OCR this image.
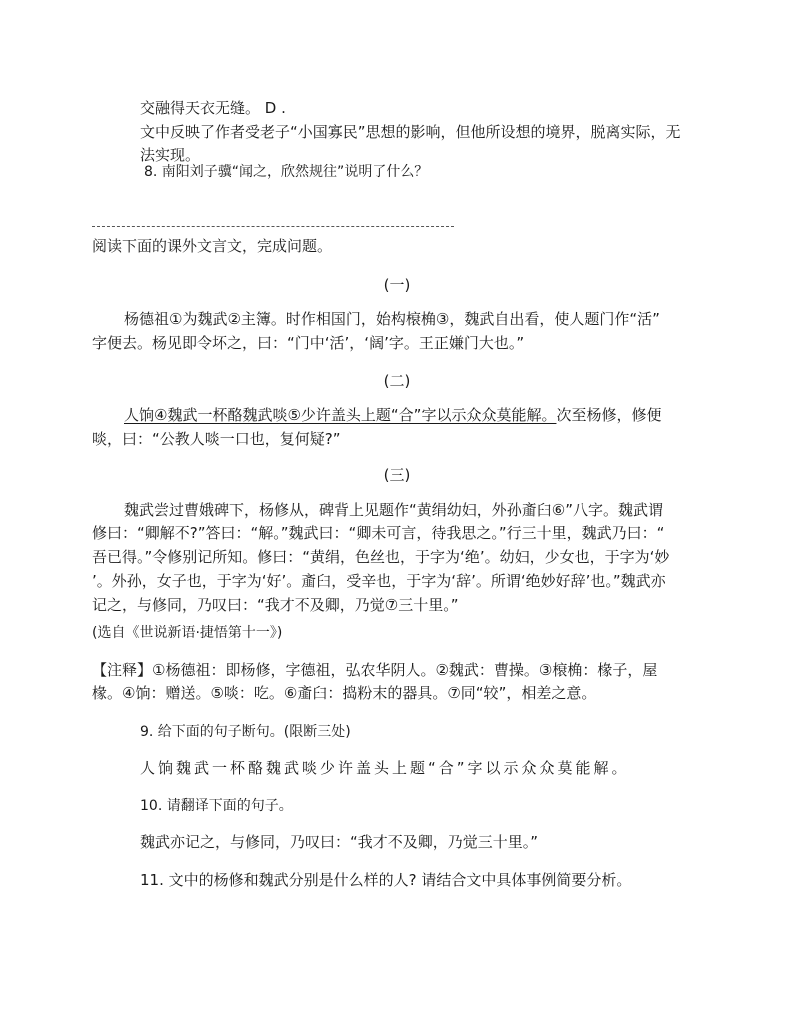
交融得天衣无缝。 D .
文中反映了作者受老子“小国寡民”思想的影响，但他所设想的境界，脱离实际，无
法实现。
8. 南阳刘子骥“闻之，欣然规往”说明了什么？
阅读下面的课外文言文，完成问题。
(一)
杨德祖①为魏武②主簿。时作相国门，始构榱桷③，魏武自出看，使人题门作“活”
字便去。杨见即令坏之，曰：“门中‘活’，‘阔’字。王正嫌门大也。”
(二)
人饷④魏武一杯酪魏武啖⑤少许盖头上题“合”字以示众众莫能解。次至杨修，修便
啖，曰：“公教人啖一口也，复何疑?”
(三)
魏武尝过曹娥碑下，杨修从，碑背上见题作“黄绢幼妇，外孙齑臼⑥”八字。魏武谓
修曰：“卿解不?”答曰：“解。”魏武曰：“卿未可言，待我思之。”行三十里，魏武乃曰：“
吾已得。”令修别记所知。修曰：“黄绢，色丝也，于字为‘绝’。幼妇，少女也，于字为‘妙
’。外孙，女子也，于字为‘好’。齑臼，受辛也，于字为‘辞’。所谓‘绝妙好辞’也。”魏武亦
记之，与修同，乃叹曰：“我才不及卿，乃觉⑦三十里。”
(选自《世说新语·捷悟第十一》)
【注释】①杨德祖：即杨修，字德祖，弘农华阴人。②魏武：曹操。③榱桷：椽子，屋
椽。④饷：赠送。⑤啖：吃。⑥齑臼：捣粉末的器具。⑦同“较”，相差之意。
9. 给下面的句子断句。(限断三处)
人饷魏武一杯酪魏武啖少许盖头上题“合”字以示众众莫能解。
10. 请翻译下面的句子。
魏武亦记之，与修同，乃叹曰：“我才不及卿，乃觉三十里。”
11. 文中的杨修和魏武分别是什么样的人? 请结合文中具体事例简要分析。
